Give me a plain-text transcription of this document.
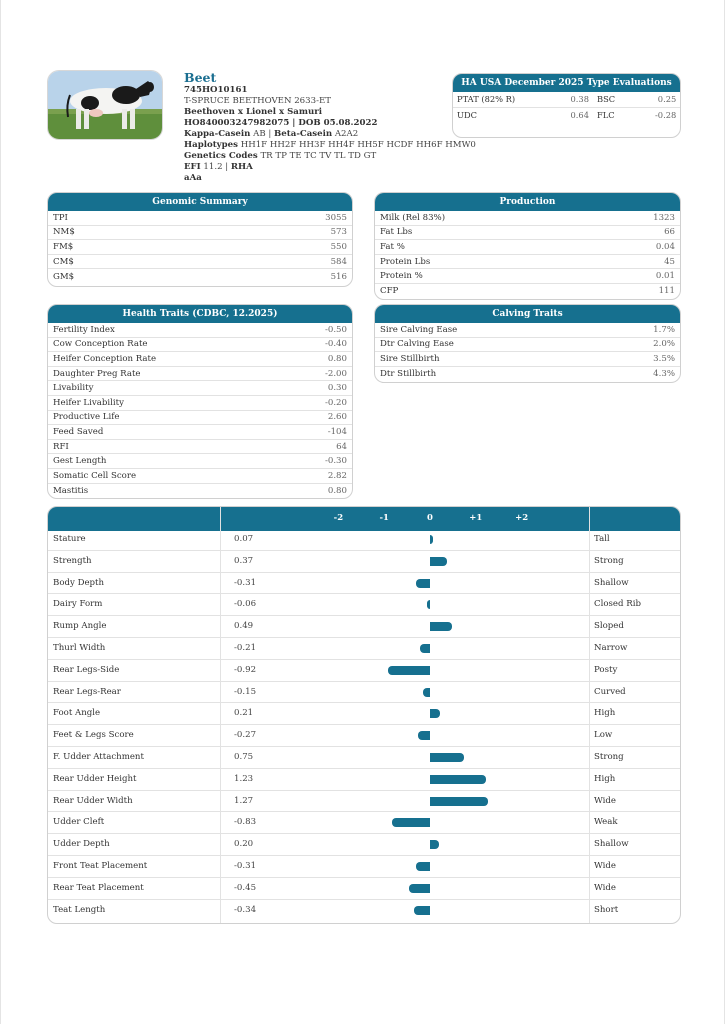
Beet
745HO10161
T-SPRUCE BEETHOVEN 2633-ET
Beethoven x Lionel x Samuri
HO840003247982075 | DOB 05.08.2022
Kappa-Casein AB | Beta-Casein A2A2
Haplotypes HH1F HH2F HH3F HH4F HH5F HCDF HH6F HMW0
Genetics Codes TR TP TE TC TV TL TD GT
EFI 11.2 | RHA
aAa
HA USA December 2025 Type Evaluations
PTAT (82% R)	0.38 BSC	0.25
UDC	0.64 FLC	-0.28
Genomic Summary
TPI	3055
NM$	573
FM$	550
CM$	584
GM$	516
Production
Milk (Rel 83%)	1323
Fat Lbs	66
Fat %	0.04
Protein Lbs	45
Protein %	0.01
CFP	111
Health Traits (CDBC, 12.2025)
Fertility Index	-0.50
Cow Conception Rate	-0.40
Heifer Conception Rate	0.80
Daughter Preg Rate	-2.00
Livability	0.30
Heifer Livability	-0.20
Productive Life	2.60
Feed Saved	-104
RFI	64
Gest Length	-0.30
Somatic Cell Score	2.82
Mastitis	0.80
Calving Traits
Sire Calving Ease	1.7%
Dtr Calving Ease	2.0%
Sire Stillbirth	3.5%
Dtr Stillbirth	4.3%
-2	-1	0	+1	+2
Stature	0.07	Tall
Strength	0.37	Strong
Body Depth	-0.31	Shallow
Dairy Form	-0.06	Closed Rib
Rump Angle	0.49	Sloped
Thurl Width	-0.21	Narrow
Rear Legs-Side	-0.92	Posty
Rear Legs-Rear	-0.15	Curved
Foot Angle	0.21	High
Feet & Legs Score	-0.27	Low
F. Udder Attachment	0.75	Strong
Rear Udder Height	1.23	High
Rear Udder Width	1.27	Wide
Udder Cleft	-0.83	Weak
Udder Depth	0.20	Shallow
Front Teat Placement	-0.31	Wide
Rear Teat Placement	-0.45	Wide
Teat Length	-0.34	Short
